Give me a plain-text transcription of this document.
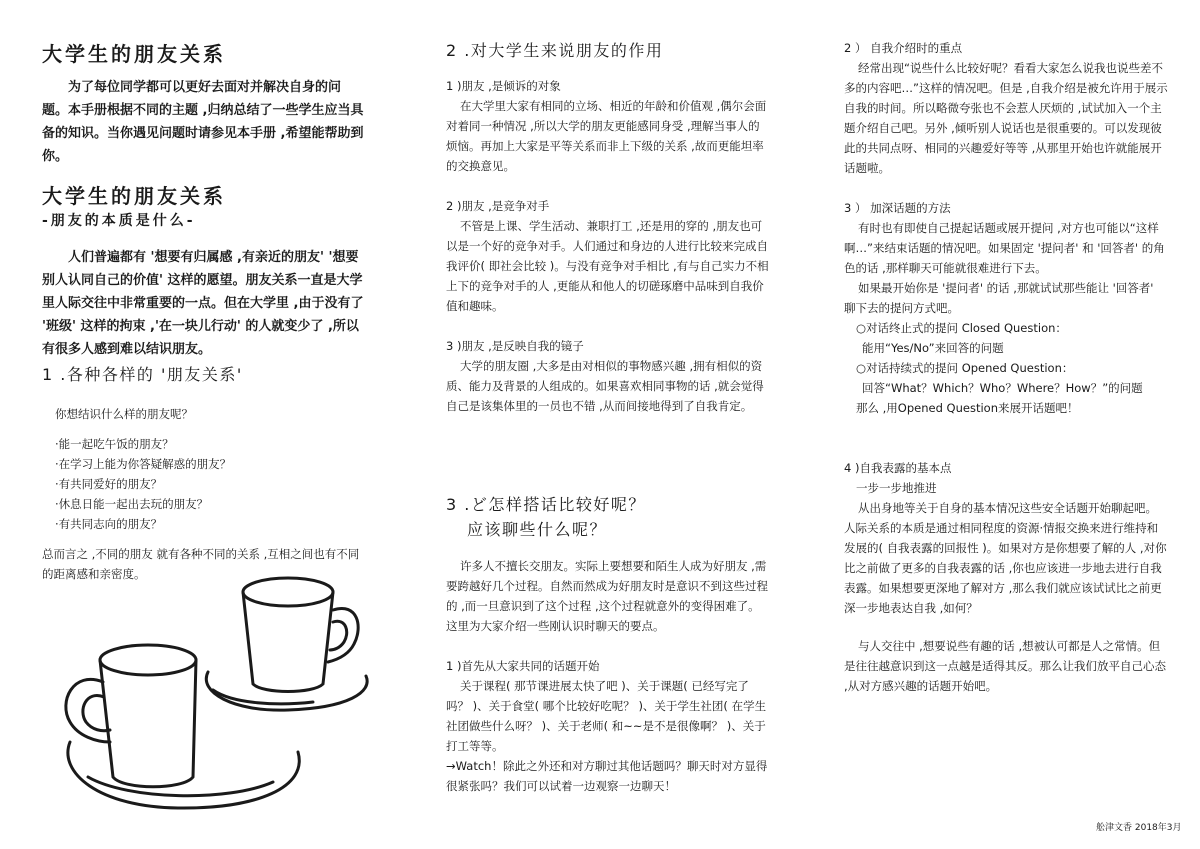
大学生的朋友关系
为了每位同学都可以更好去面对并解决自身的问题。本手册根据不同的主题 ,归纳总结了一些学生应当具备的知识。当你遇见问题时请参见本手册 ,希望能帮助到你。
大学生的朋友关系
-朋友的本质是什么-
人们普遍都有 '想要有归属感 ,有亲近的朋友' '想要别人认同自己的价值' 这样的愿望。朋友关系一直是大学里人际交往中非常重要的一点。但在大学里 ,由于没有了 '班级' 这样的拘束 ,'在一块儿行动' 的人就变少了 ,所以有很多人感到难以结识朋友。
1 .各种各样的 '朋友关系'
你想结识什么样的朋友呢？
·能一起吃午饭的朋友？
·在学习上能为你答疑解惑的朋友？
·有共同爱好的朋友？
·休息日能一起出去玩的朋友？
·有共同志向的朋友？
总而言之 ,不同的朋友 就有各种不同的关系 ,互相之间也有不同的距离感和亲密度。
2 .对大学生来说朋友的作用
1 )朋友 ,是倾诉的对象
在大学里大家有相同的立场、相近的年龄和价值观 ,偶尔会面对着同一种情况 ,所以大学的朋友更能感同身受 ,理解当事人的烦恼。再加上大家是平等关系而非上下级的关系 ,故而更能坦率的交换意见。
2 )朋友 ,是竞争对手
不管是上课、学生活动、兼职打工 ,还是用的穿的 ,朋友也可以是一个好的竞争对手。人们通过和身边的人进行比较来完成自我评价( 即社会比较 )。与没有竞争对手相比 ,有与自己实力不相上下的竞争对手的人 ,更能从和他人的切磋琢磨中品味到自我价值和趣味。
3 )朋友 ,是反映自我的镜子
大学的朋友圈 ,大多是由对相似的事物感兴趣 ,拥有相似的资质、能力及背景的人组成的。如果喜欢相同事物的话 ,就会觉得自己是该集体里的一员也不错 ,从而间接地得到了自我肯定。
3 .ど怎样搭话比较好呢？
应该聊些什么呢？
许多人不擅长交朋友。实际上要想要和陌生人成为好朋友 ,需要跨越好几个过程。自然而然成为好朋友时是意识不到这些过程的 ,而一旦意识到了这个过程 ,这个过程就意外的变得困难了。这里为大家介绍一些刚认识时聊天的要点。
1 )首先从大家共同的话题开始
关于课程( 那节课进展太快了吧 )、关于课题( 已经写完了吗？ )、关于食堂( 哪个比较好吃呢？ )、关于学生社团( 在学生社团做些什么呀？ )、关于老师( 和~~是不是很像啊？ )、关于打工等等。
→Watch！除此之外还和对方聊过其他话题吗？聊天时对方显得很紧张吗？我们可以试着一边观察一边聊天！
2 ） 自我介绍时的重点
经常出现“说些什么比较好呢？看看大家怎么说我也说些差不多的内容吧…”这样的情况吧。但是 ,自我介绍是被允许用于展示自我的时间。所以略微夸张也不会惹人厌烦的 ,试试加入一个主题介绍自己吧。另外 ,倾听别人说话也是很重要的。可以发现彼此的共同点呀、相同的兴趣爱好等等 ,从那里开始也许就能展开话题啦。
3 ） 加深话题的方法
有时也有即使自己提起话题或展开提问 ,对方也可能以“这样啊…”来结束话题的情况吧。如果固定 '提问者' 和 '回答者' 的角色的话 ,那样聊天可能就很难进行下去。
如果最开始你是 '提问者' 的话 ,那就试试那些能让 '回答者' 聊下去的提问方式吧。
○对话终止式的提问 Closed Question：
能用“Yes/No”来回答的问题
○对话持续式的提问 Opened Question：
回答“What？Which？Who？Where？How？”的问题
那么 ,用Opened Question来展开话题吧！
4 )自我表露的基本点
一步一步地推进
从出身地等关于自身的基本情况这些安全话题开始聊起吧。人际关系的本质是通过相同程度的资源·情报交换来进行维持和发展的( 自我表露的回报性 )。如果对方是你想要了解的人 ,对你比之前做了更多的自我表露的话 ,你也应该进一步地去进行自我表露。如果想要更深地了解对方 ,那么我们就应该试试比之前更深一步地表达自我 ,如何？
与人交往中 ,想要说些有趣的话 ,想被认可都是人之常情。但是往往越意识到这一点越是适得其反。那么让我们放平自己心态 ,从对方感兴趣的话题开始吧。
舩津文香 2018年3月
